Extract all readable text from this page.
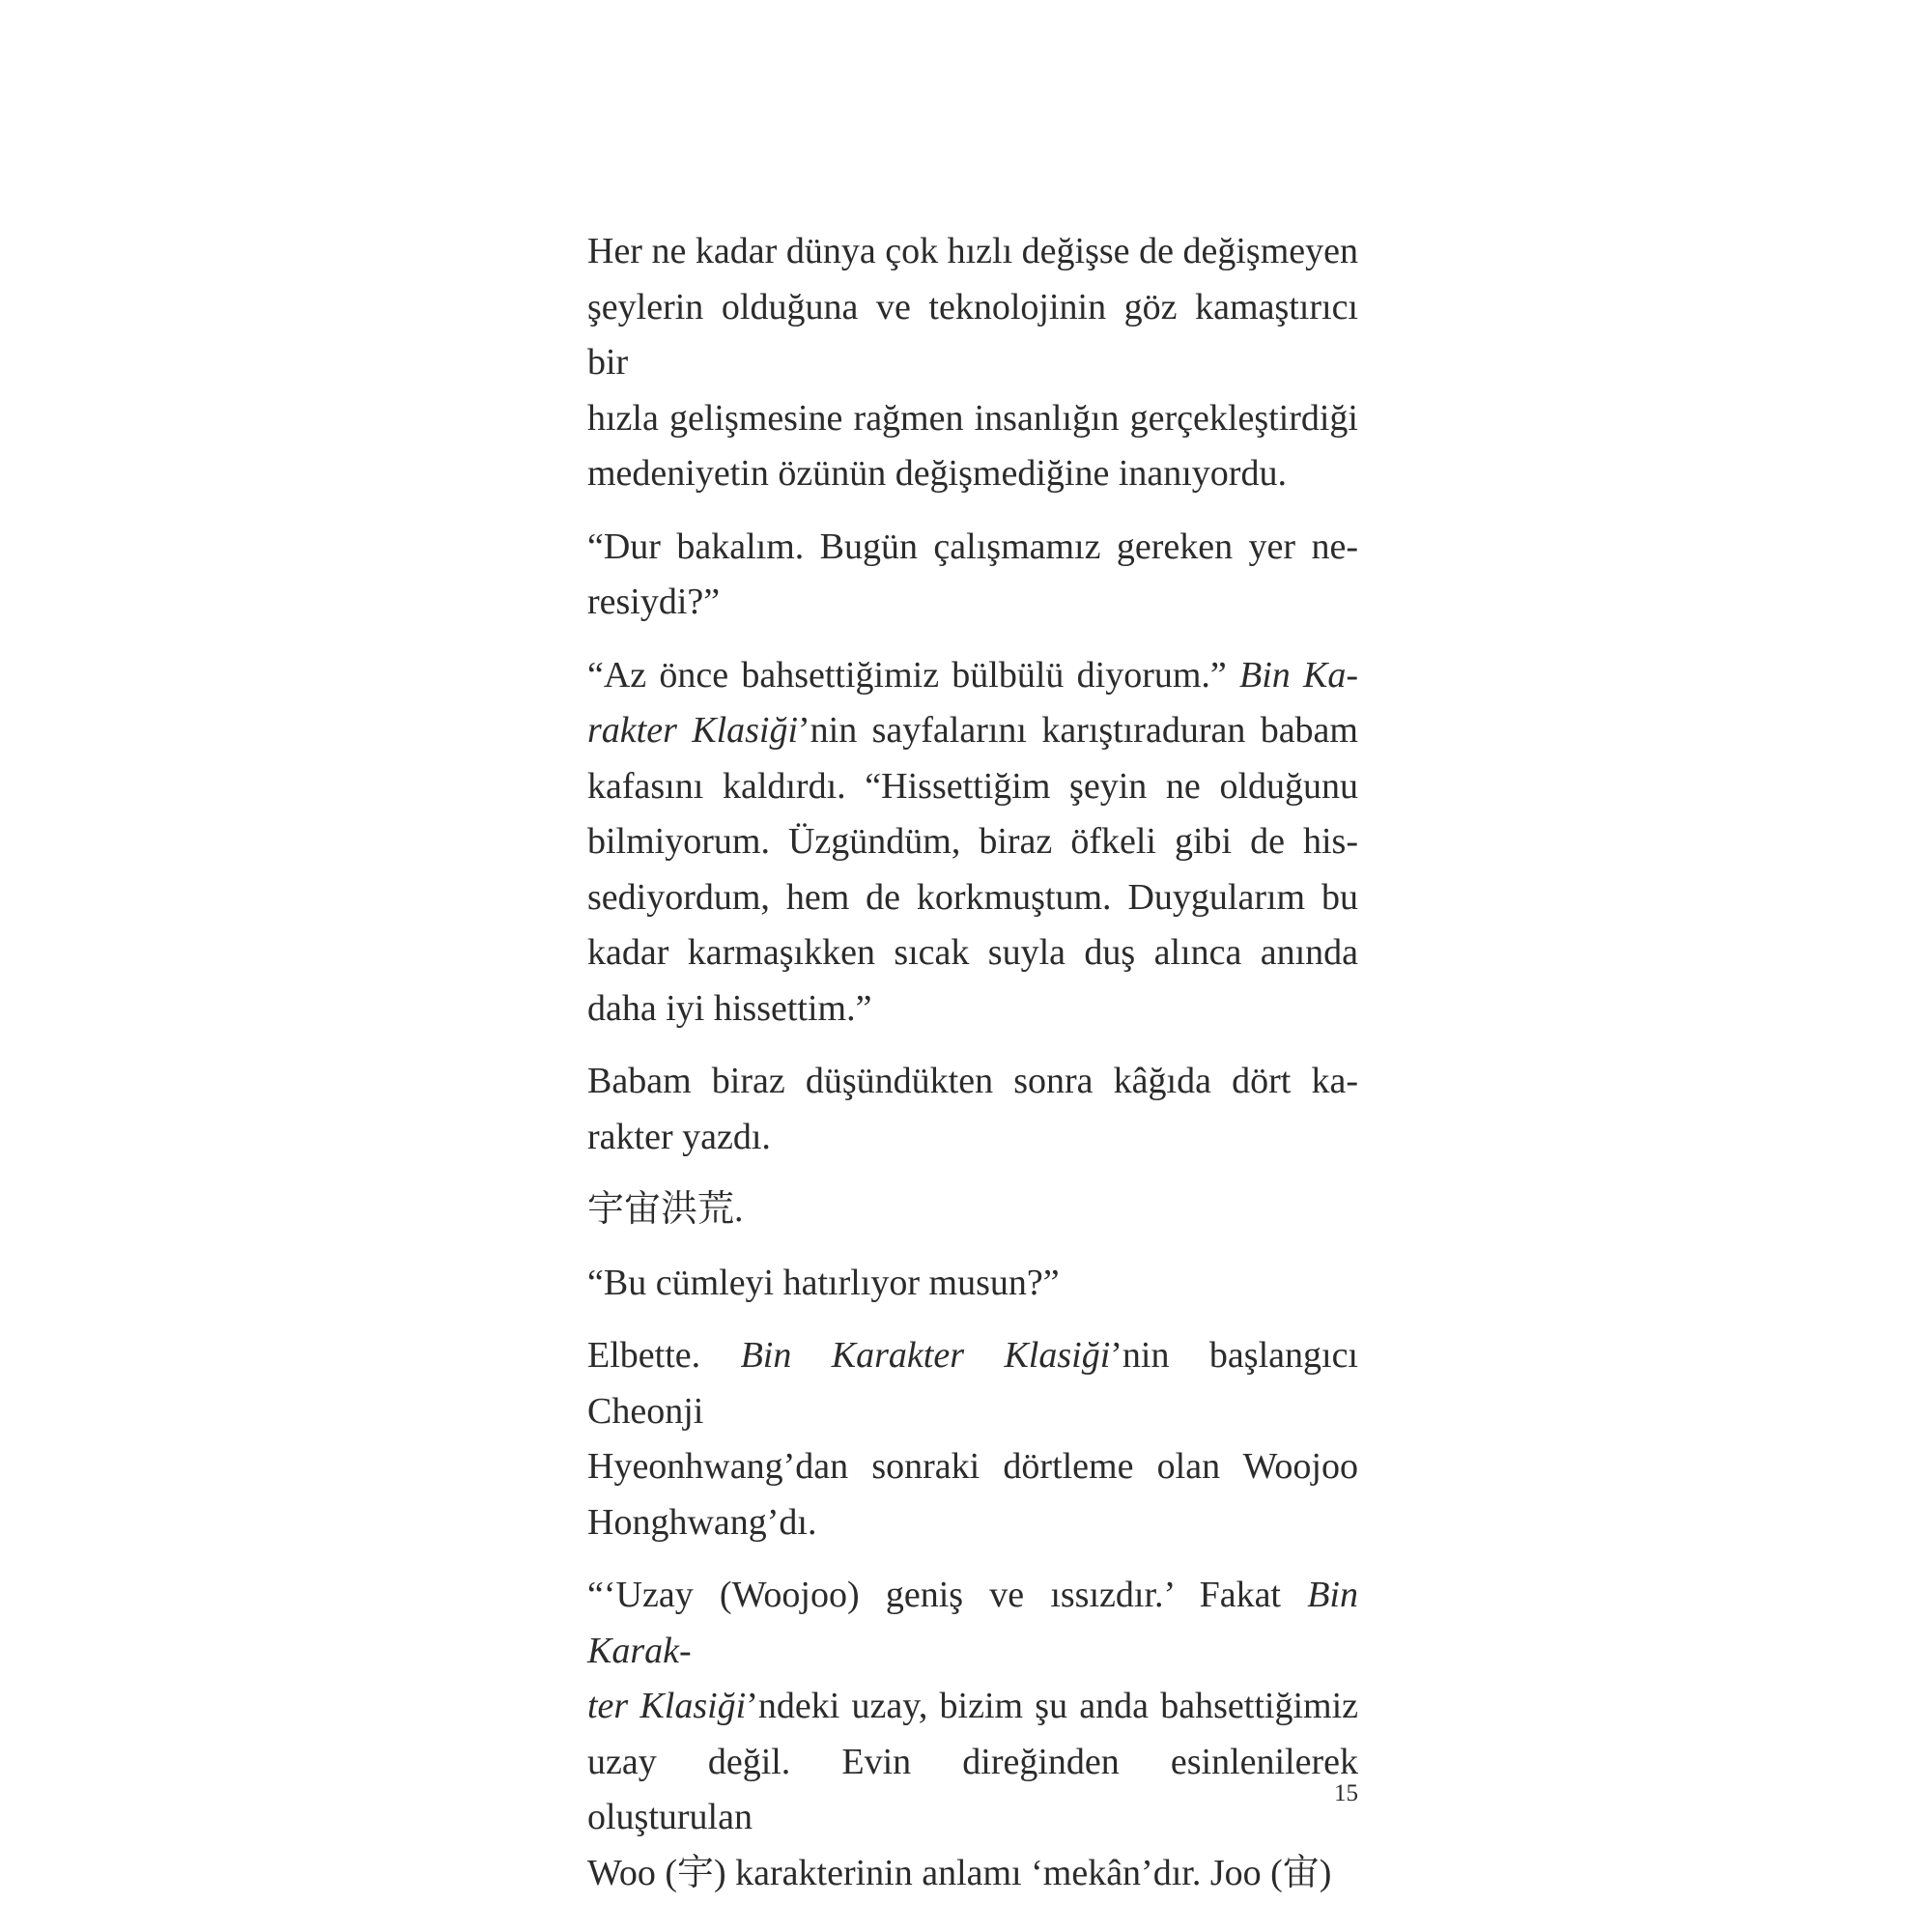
Her ne kadar dünya çok hızlı değişse de değişmeyen
şeylerin olduğuna ve teknolojinin göz kamaştırıcı bir
hızla gelişmesine rağmen insanlığın gerçekleştirdiği
medeniyetin özünün değişmediğine inanıyordu.
“Dur bakalım. Bugün çalışmamız gereken yer ne-
resiydi?”
“Az önce bahsettiğimiz bülbülü diyorum.” Bin Ka-
rakter Klasiği’nin sayfalarını karıştıraduran babam
kafasını kaldırdı. “Hissettiğim şeyin ne olduğunu
bilmiyorum. Üzgündüm, biraz öfkeli gibi de his-
sediyordum, hem de korkmuştum. Duygularım bu
kadar karmaşıkken sıcak suyla duş alınca anında
daha iyi hissettim.”
Babam biraz düşündükten sonra kâğıda dört ka-
rakter yazdı.
宇宙洪荒.
“Bu cümleyi hatırlıyor musun?”
Elbette. Bin Karakter Klasiği’nin başlangıcı Cheonji
Hyeonhwang’dan sonraki dörtleme olan Woojoo
Honghwang’dı.
“‘Uzay (Woojoo) geniş ve ıssızdır.’ Fakat Bin Karak-
ter Klasiği’ndeki uzay, bizim şu anda bahsettiğimiz
uzay değil. Evin direğinden esinlenilerek oluşturulan
Woo (宇) karakterinin anlamı ‘mekân’dır. Joo (宙)
15
